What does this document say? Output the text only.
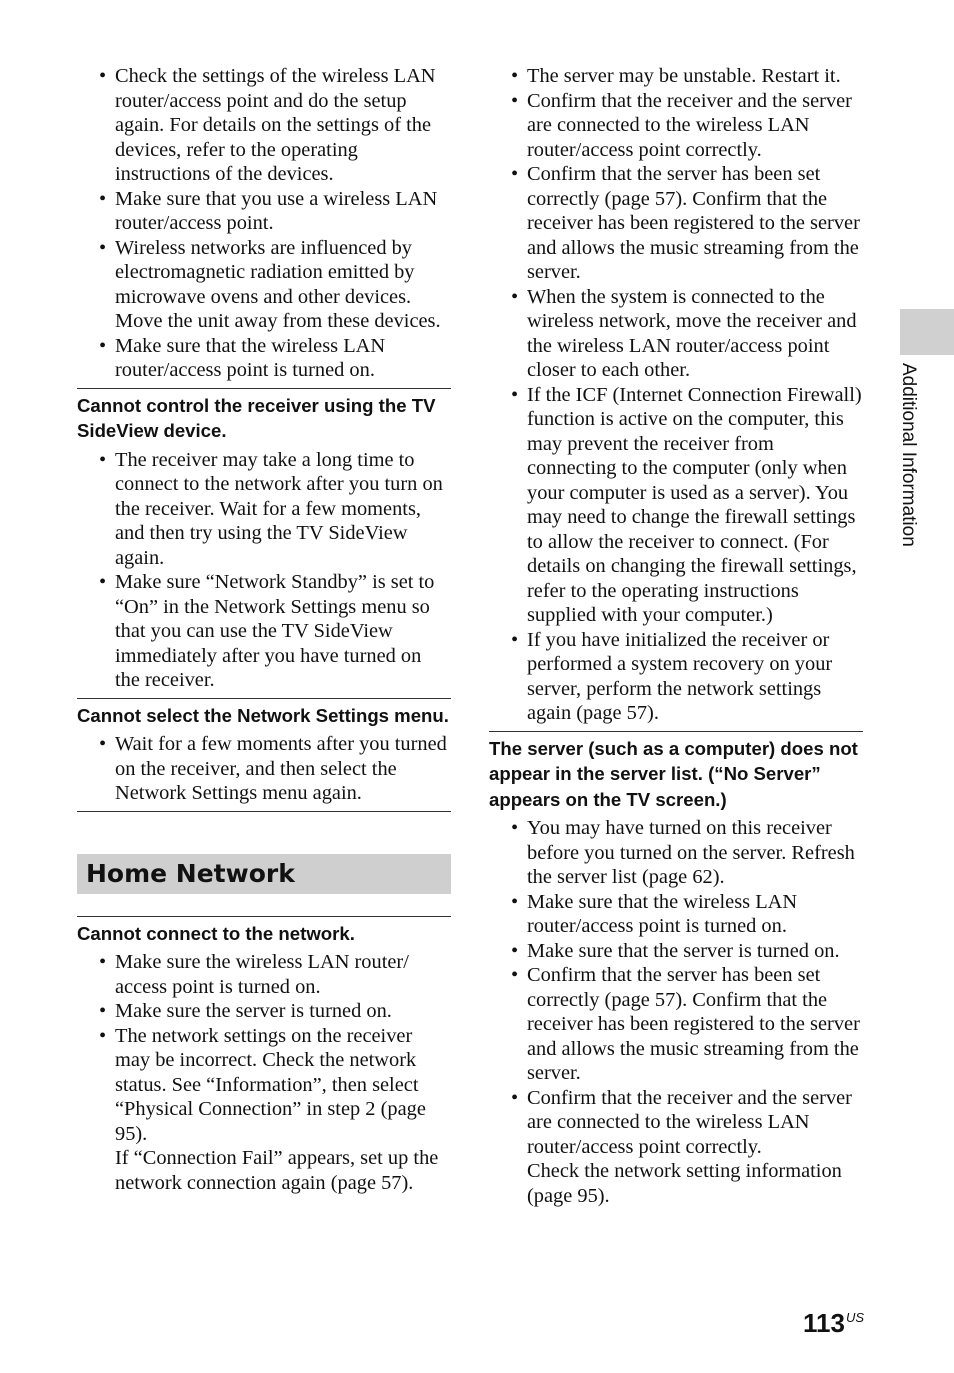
• Check the settings of the wireless LAN router/access point and do the setup again. For details on the settings of the devices, refer to the operating instructions of the devices.
• Make sure that you use a wireless LAN router/access point.
• Wireless networks are influenced by electromagnetic radiation emitted by microwave ovens and other devices. Move the unit away from these devices.
• Make sure that the wireless LAN router/access point is turned on.
Cannot control the receiver using the TV SideView device.
• The receiver may take a long time to connect to the network after you turn on the receiver. Wait for a few moments, and then try using the TV SideView again.
• Make sure “Network Standby” is set to “On” in the Network Settings menu so that you can use the TV SideView immediately after you have turned on the receiver.
Cannot select the Network Settings menu.
• Wait for a few moments after you turned on the receiver, and then select the Network Settings menu again.
Home Network
Cannot connect to the network.
• Make sure the wireless LAN router/ access point is turned on.
• Make sure the server is turned on.
• The network settings on the receiver may be incorrect. Check the network status. See “Information”, then select “Physical Connection” in step 2 (page 95).
If “Connection Fail” appears, set up the network connection again (page 57).
• The server may be unstable. Restart it.
• Confirm that the receiver and the server are connected to the wireless LAN router/access point correctly.
• Confirm that the server has been set correctly (page 57). Confirm that the receiver has been registered to the server and allows the music streaming from the server.
• When the system is connected to the wireless network, move the receiver and the wireless LAN router/access point closer to each other.
• If the ICF (Internet Connection Firewall) function is active on the computer, this may prevent the receiver from connecting to the computer (only when your computer is used as a server). You may need to change the firewall settings to allow the receiver to connect. (For details on changing the firewall settings, refer to the operating instructions supplied with your computer.)
• If you have initialized the receiver or performed a system recovery on your server, perform the network settings again (page 57).
The server (such as a computer) does not appear in the server list. (“No Server” appears on the TV screen.)
• You may have turned on this receiver before you turned on the server. Refresh the server list (page 62).
• Make sure that the wireless LAN router/access point is turned on.
• Make sure that the server is turned on.
• Confirm that the server has been set correctly (page 57). Confirm that the receiver has been registered to the server and allows the music streaming from the server.
• Confirm that the receiver and the server are connected to the wireless LAN router/access point correctly.
Check the network setting information (page 95).
Additional Information
$113^{US}$
